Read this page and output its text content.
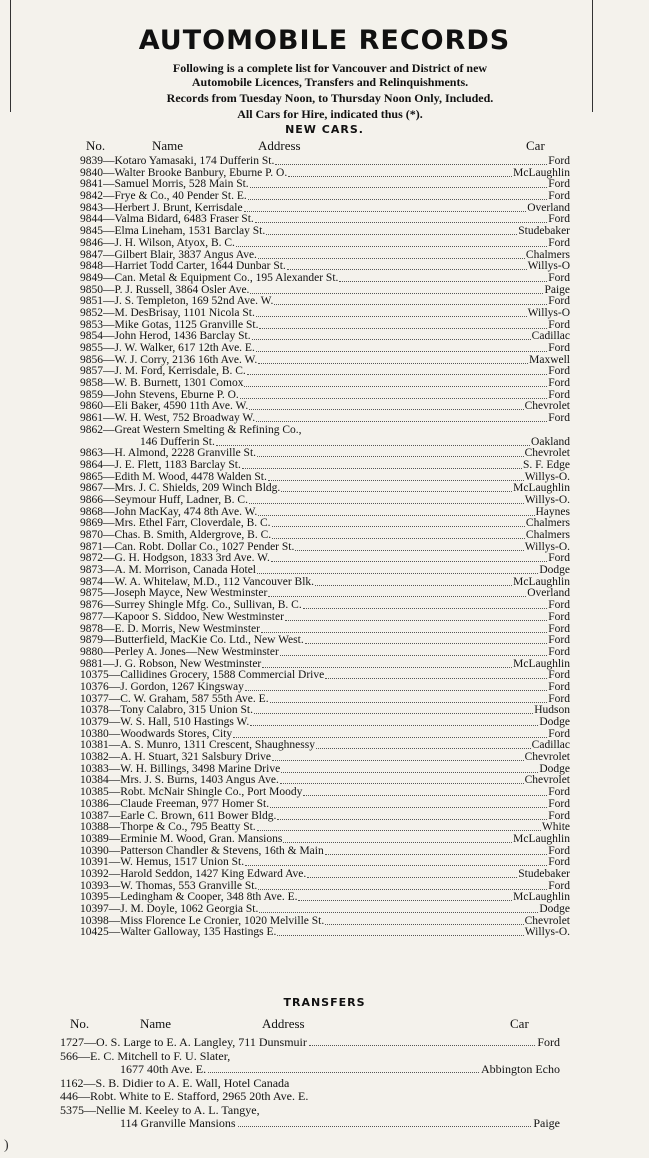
AUTOMOBILE RECORDS
Following is a complete list for Vancouver and District of new
Automobile Licences, Transfers and Relinquishments.
Records from Tuesday Noon, to Thursday Noon Only, Included.
All Cars for Hire, indicated thus (*).
NEW CARS.
No.	Name	Address	Car
9839—Kotaro Yamasaki, 174 Dufferin St.	Ford
9840—Walter Brooke Banbury, Eburne P. O.	McLaughlin
9841—Samuel Morris, 528 Main St.	Ford
9842—Frye & Co., 40 Pender St. E.	Ford
9843—Herbert J. Brunt, Kerrisdale	Overland
9844—Valma Bidard, 6483 Fraser St.	Ford
9845—Elma Lineham, 1531 Barclay St.	Studebaker
9846—J. H. Wilson, Atyox, B. C.	Ford
9847—Gilbert Blair, 3837 Angus Ave.	Chalmers
9848—Harriet Todd Carter, 1644 Dunbar St.	Willys-O
9849—Can. Metal & Equipment Co., 195 Alexander St.	Ford
9850—P. J. Russell, 3864 Osler Ave.	Paige
9851—J. S. Templeton, 169 52nd Ave. W.	Ford
9852—M. DesBrisay, 1101 Nicola St.	Willys-O
9853—Mike Gotas, 1125 Granville St.	Ford
9854—John Herod, 1436 Barclay St.	Cadillac
9855—J. W. Walker, 617 12th Ave. E.	Ford
9856—W. J. Corry, 2136 16th Ave. W.	Maxwell
9857—J. M. Ford, Kerrisdale, B. C.	Ford
9858—W. B. Burnett, 1301 Comox	Ford
9859—John Stevens, Eburne P. O.	Ford
9860—Eli Baker, 4590 11th Ave. W.	Chevrolet
9861—W. H. West, 752 Broadway W.	Ford
9862—Great Western Smelting & Refining Co.,
146 Dufferin St.	Oakland
9863—H. Almond, 2228 Granville St.	Chevrolet
9864—J. E. Flett, 1183 Barclay St.	S. F. Edge
9865—Edith M. Wood, 4478 Walden St.	Willys-O.
9867—Mrs. J. C. Shields, 209 Winch Bldg.	McLaughlin
9866—Seymour Huff, Ladner, B. C.	Willys-O.
9868—John MacKay, 474 8th Ave. W.	Haynes
9869—Mrs. Ethel Farr, Cloverdale, B. C.	Chalmers
9870—Chas. B. Smith, Aldergrove, B. C.	Chalmers
9871—Can. Robt. Dollar Co., 1027 Pender St.	Willys-O.
9872—G. H. Hodgson, 1833 3rd Ave. W.	Ford
9873—A. M. Morrison, Canada Hotel	Dodge
9874—W. A. Whitelaw, M.D., 112 Vancouver Blk.	McLaughlin
9875—Joseph Mayce, New Westminster	Overland
9876—Surrey Shingle Mfg. Co., Sullivan, B. C.	Ford
9877—Kapoor S. Siddoo, New Westminster	Ford
9878—E. D. Morris, New Westminster	Ford
9879—Butterfield, MacKie Co. Ltd., New West.	Ford
9880—Perley A. Jones—New Westminster	Ford
9881—J. G. Robson, New Westminster	McLaughlin
10375—Callidines Grocery, 1588 Commercial Drive	Ford
10376—J. Gordon, 1267 Kingsway	Ford
10377—C. W. Graham, 587 55th Ave. E.	Ford
10378—Tony Calabro, 315 Union St.	Hudson
10379—W. S. Hall, 510 Hastings W.	Dodge
10380—Woodwards Stores, City	Ford
10381—A. S. Munro, 1311 Crescent, Shaughnessy	Cadillac
10382—A. H. Stuart, 321 Salsbury Drive	Chevrolet
10383—W. H. Billings, 3498 Marine Drive	Dodge
10384—Mrs. J. S. Burns, 1403 Angus Ave.	Chevrolet
10385—Robt. McNair Shingle Co., Port Moody	Ford
10386—Claude Freeman, 977 Homer St.	Ford
10387—Earle C. Brown, 611 Bower Bldg.	Ford
10388—Thorpe & Co., 795 Beatty St.	White
10389—Erminie M. Wood, Gran. Mansions	McLaughlin
10390—Patterson Chandler & Stevens, 16th & Main	Ford
10391—W. Hemus, 1517 Union St.	Ford
10392—Harold Seddon, 1427 King Edward Ave.	Studebaker
10393—W. Thomas, 553 Granville St.	Ford
10395—Ledingham & Cooper, 348 8th Ave. E.	McLaughlin
10397—J. M. Doyle, 1062 Georgia St.	Dodge
10398—Miss Florence Le Cronier, 1020 Melville St.	Chevrolet
10425—Walter Galloway, 135 Hastings E.	Willys-O.
TRANSFERS
No.	Name	Address	Car
1727—O. S. Large to E. A. Langley, 711 Dunsmuir	Ford
566—E. C. Mitchell to F. U. Slater,
1677 40th Ave. E.	Abbington Echo
1162—S. B. Didier to A. E. Wall, Hotel Canada
446—Robt. White to E. Stafford, 2965 20th Ave. E.
5375—Nellie M. Keeley to A. L. Tangye,
114 Granville Mansions	Paige
)
